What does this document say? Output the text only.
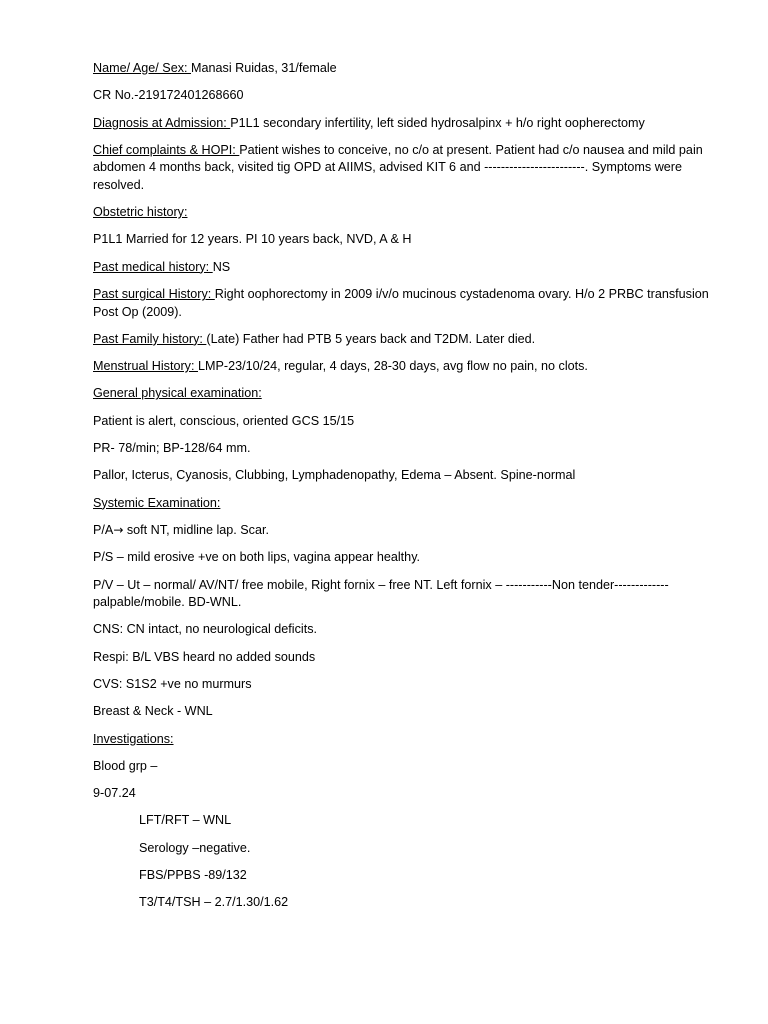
Name/ Age/ Sex: Manasi Ruidas, 31/female
CR No.-219172401268660
Diagnosis at Admission: P1L1 secondary infertility, left sided hydrosalpinx + h/o right oopherectomy
Chief complaints & HOPI: Patient wishes to conceive, no c/o at present. Patient had c/o nausea and mild pain abdomen 4 months back, visited tig OPD at AIIMS, advised KIT 6 and ------------------------. Symptoms were resolved.
Obstetric history:
P1L1 Married for 12 years. PI 10 years back, NVD, A & H
Past medical history: NS
Past surgical History: Right oophorectomy in 2009 i/v/o mucinous cystadenoma ovary. H/o 2 PRBC transfusion Post Op (2009).
Past Family history: (Late) Father had PTB 5 years back and T2DM. Later died.
Menstrual History: LMP-23/10/24, regular, 4 days, 28-30 days, avg flow no pain, no clots.
General physical examination:
Patient is alert, conscious, oriented GCS 15/15
PR- 78/min; BP-128/64 mm.
Pallor, Icterus, Cyanosis, Clubbing, Lymphadenopathy, Edema – Absent. Spine-normal
Systemic Examination:
P/A→ soft NT, midline lap. Scar.
P/S – mild erosive +ve on both lips, vagina appear healthy.
P/V – Ut – normal/ AV/NT/ free mobile, Right fornix – free NT. Left fornix – -----------Non tender------------- palpable/mobile. BD-WNL.
CNS: CN intact, no neurological deficits.
Respi: B/L VBS heard no added sounds
CVS: S1S2 +ve no murmurs
Breast & Neck - WNL
Investigations:
Blood grp –
9-07.24
LFT/RFT – WNL
Serology –negative.
FBS/PPBS -89/132
T3/T4/TSH – 2.7/1.30/1.62
